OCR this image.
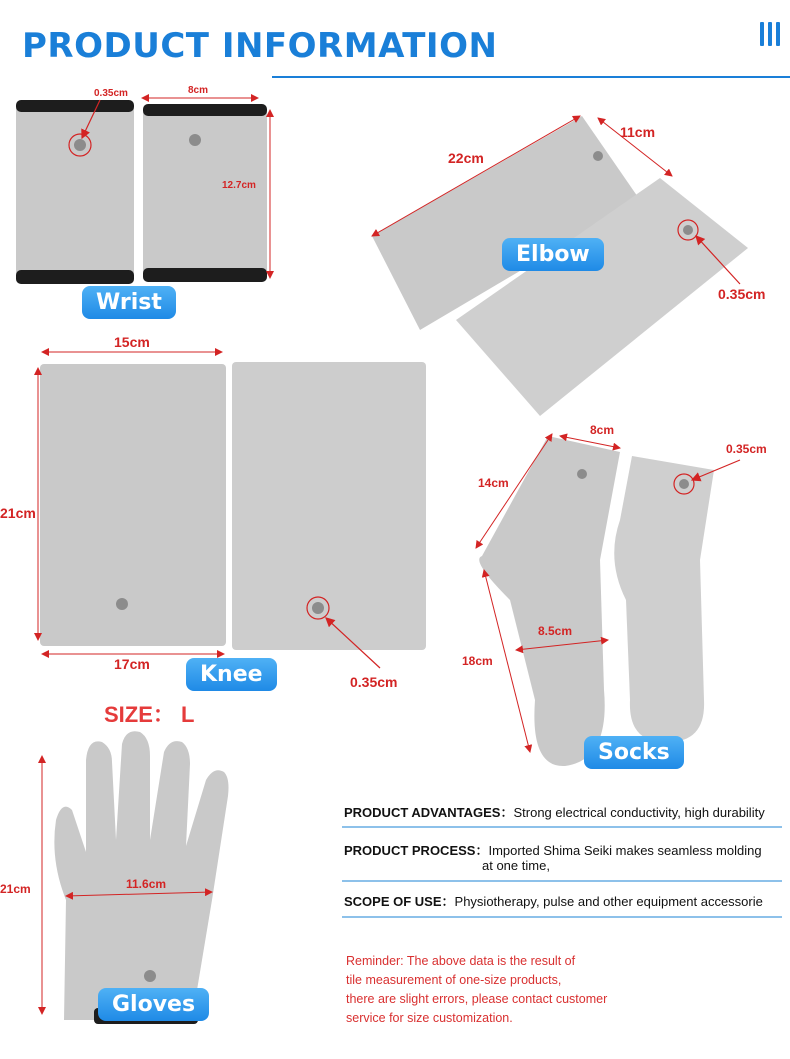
PRODUCT INFORMATION
0.35cm	8cm
12.7cm
Wrist
22cm
11cm
0.35cm
Elbow
15cm
21cm
17cm
0.35cm
Knee
8cm
0.35cm
14cm
8.5cm
18cm
Socks
SIZE： L
21cm	11.6cm
Gloves
PRODUCT ADVANTAGES：Strong electrical conductivity, high durability
PRODUCT PROCESS：Imported Shima Seiki makes seamless molding
at one time,
SCOPE OF USE：Physiotherapy, pulse and other equipment accessorie
Reminder: The above data is the result of
tile measurement of one-size products,
there are slight errors, please contact customer
service for size customization.
